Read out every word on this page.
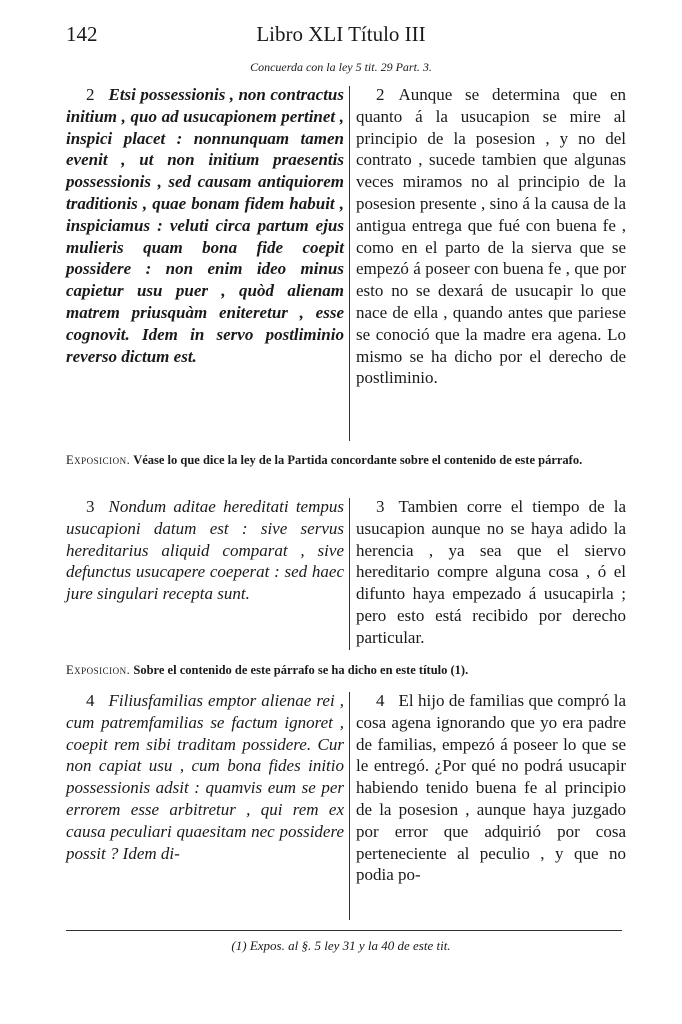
142	Libro XLI Título III
Concuerda con la ley 5 tit. 29 Part. 3.
2 Etsi possessionis , non contractus initium , quo ad usucapionem pertinet , inspici placet : nonnunquam tamen evenit , ut non initium praesentis possessionis , sed causam antiquiorem traditionis , quae bonam fidem habuit , inspiciamus : veluti circa partum ejus mulieris quam bona fide coepit possidere : non enim ideo minus capietur usu puer , quòd alienam matrem priusquàm eniteretur , esse cognovit. Idem in servo postliminio reverso dictum est.
2 Aunque se determina que en quanto á la usucapion se mire al principio de la posesion , y no del contrato , sucede tambien que algunas veces miramos no al principio de la posesion presente , sino á la causa de la antigua entrega que fué con buena fe , como en el parto de la sierva que se empezó á poseer con buena fe , que por esto no se dexará de usucapir lo que nace de ella , quando antes que pariese se conoció que la madre era agena. Lo mismo se ha dicho por el derecho de postliminio.
Exposicion. Véase lo que dice la ley de la Partida concordante sobre el contenido de este párrafo.
3 Nondum aditae hereditati tempus usucapioni datum est : sive servus hereditarius aliquid comparat , sive defunctus usucapere coeperat : sed haec jure singulari recepta sunt.
3 Tambien corre el tiempo de la usucapion aunque no se haya adido la herencia , ya sea que el siervo hereditario compre alguna cosa , ó el difunto haya empezado á usucapirla ; pero esto está recibido por derecho particular.
Exposicion. Sobre el contenido de este párrafo se ha dicho en este título (1).
4 Filiusfamilias emptor alienae rei , cum patremfamilias se factum ignoret , coepit rem sibi traditam possidere. Cur non capiat usu , cum bona fides initio possessionis adsit : quamvis eum se per errorem esse arbitretur , qui rem ex causa peculiari quaesitam nec possidere possit ? Idem di-
4 El hijo de familias que compró la cosa agena ignorando que yo era padre de familias, empezó á poseer lo que se le entregó. ¿Por qué no podrá usucapir habiendo tenido buena fe al principio de la posesion , aunque haya juzgado por error que adquirió por cosa perteneciente al peculio , y que no podia po-
(1) Expos. al §. 5 ley 31 y la 40 de este tit.
